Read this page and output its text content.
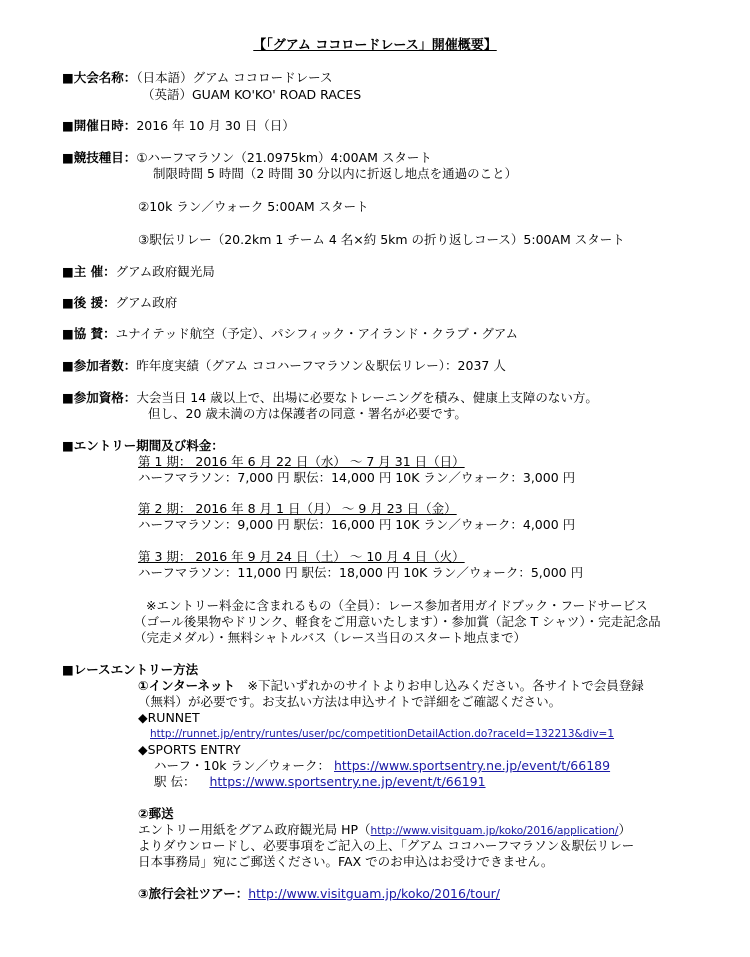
【「グアム ココロードレース」開催概要】
■大会名称：（日本語）グアム ココロードレース
（英語）GUAM KO'KO' ROAD RACES
■開催日時：2016 年 10 月 30 日（日）
■競技種目：①ハーフマラソン（21.0975km）4:00AM スタート
制限時間 5 時間（2 時間 30 分以内に折返し地点を通過のこと）
②10k ラン／ウォーク 5:00AM スタート
③駅伝リレー（20.2km 1 チーム 4 名×約 5km の折り返しコース）5:00AM スタート
■主 催：グアム政府観光局
■後 援：グアム政府
■協 賛：ユナイテッド航空（予定）、パシフィック・アイランド・クラブ・グアム
■参加者数：昨年度実績（グアム ココハーフマラソン＆駅伝リレー）：2037 人
■参加資格：大会当日 14 歳以上で、出場に必要なトレーニングを積み、健康上支障のない方。
但し、20 歳未満の方は保護者の同意・署名が必要です。
■エントリー期間及び料金：
第 1 期： 2016 年 6 月 22 日（水） ～ 7 月 31 日（日）
ハーフマラソン：7,000 円 駅伝：14,000 円 10K ラン／ウォーク：3,000 円
第 2 期： 2016 年 8 月 1 日（月） ～ 9 月 23 日（金）
ハーフマラソン：9,000 円 駅伝：16,000 円 10K ラン／ウォーク：4,000 円
第 3 期： 2016 年 9 月 24 日（土） ～ 10 月 4 日（火）
ハーフマラソン：11,000 円 駅伝：18,000 円 10K ラン／ウォーク：5,000 円
※エントリー料金に含まれるもの（全員）：レース参加者用ガイドブック・フードサービス
（ゴール後果物やドリンク、軽食をご用意いたします）・参加賞（記念 T シャツ）・完走記念品
（完走メダル）・無料シャトルバス（レース当日のスタート地点まで）
■レースエントリー方法
①インターネット　 ※下記いずれかのサイトよりお申し込みください。各サイトで会員登録
（無料）が必要です。お支払い方法は申込サイトで詳細をご確認ください。
◆RUNNET
http://runnet.jp/entry/runtes/user/pc/competitionDetailAction.do?raceId=132213&div=1
◆SPORTS ENTRY
ハーフ・10k ラン／ウォーク： https://www.sportsentry.ne.jp/event/t/66189
駅 伝： https://www.sportsentry.ne.jp/event/t/66191
②郵送
エントリー用紙をグアム政府観光局 HP（http://www.visitguam.jp/koko/2016/application/）
よりダウンロードし、必要事項をご記入の上、「グアム ココハーフマラソン＆駅伝リレー
日本事務局」宛にご郵送ください。FAX でのお申込はお受けできません。
③旅行会社ツアー：http://www.visitguam.jp/koko/2016/tour/
